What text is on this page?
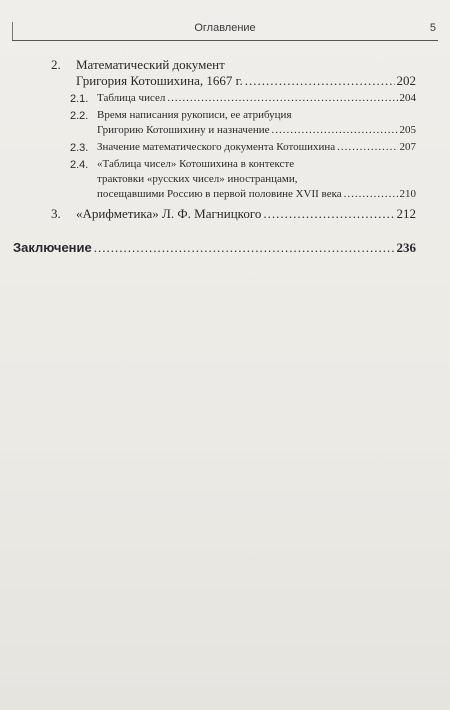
Оглавление	5
2. Математический документ
Григория Котошихина, 1667 г. .....	202
2.1. Таблица чисел .....	204
2.2. Время написания рукописи, ее атрибуция
Григорию Котошихину и назначение .....	205
2.3. Значение математического документа Котошихина .....	207
2.4. «Таблица чисел» Котошихина в контексте
трактовки «русских чисел» иностранцами,
посещавшими Россию в первой половине XVII века .....	210
3. «Арифметика» Л. Ф. Магницкого .....	212
Заключение .....	236
